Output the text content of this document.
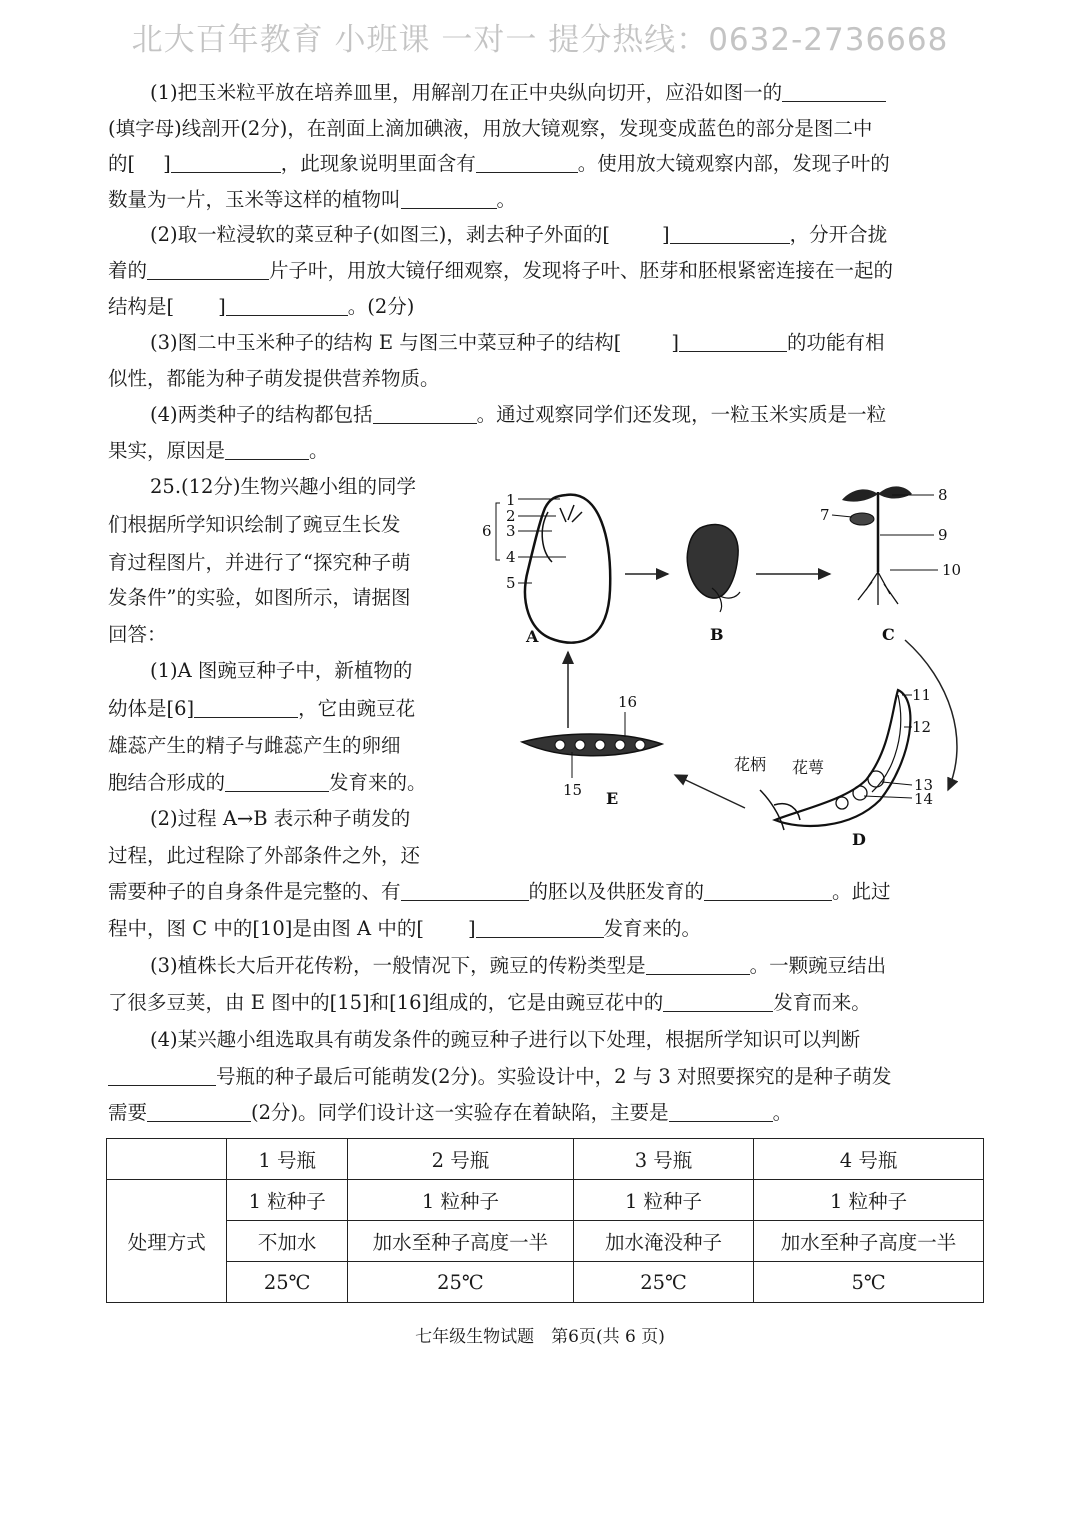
北大百年教育 小班课 一对一 提分热线：0632-2736668
(1)把玉米粒平放在培养皿里，用解剖刀在正中央纵向切开，应沿如图一的
(填字母)线剖开(2分)，在剖面上滴加碘液，用放大镜观察，发现变成蓝色的部分是图二中
的[ ]	，此现象说明里面含有	。使用放大镜观察内部，发现子叶的
数量为一片，玉米等这样的植物叫	。
(2)取一粒浸软的菜豆种子(如图三)，剥去种子外面的[	]	，分开合拢
着的	片子叶，用放大镜仔细观察，发现将子叶、胚芽和胚根紧密连接在一起的
结构是[ ]	。(2分)
(3)图二中玉米种子的结构 E 与图三中菜豆种子的结构[	]	的功能有相
似性，都能为种子萌发提供营养物质。
(4)两类种子的结构都包括	。通过观察同学们还发现，一粒玉米实质是一粒
果实，原因是	。
25.(12分)生物兴趣小组的同学
们根据所学知识绘制了豌豆生长发
育过程图片，并进行了“探究种子萌
发条件”的实验，如图所示，请据图
回答：
(1)A 图豌豆种子中，新植物的
幼体是[6]	，它由豌豆花
雄蕊产生的精子与雌蕊产生的卵细
胞结合形成的	发育来的。
(2)过程 A→B 表示种子萌发的
过程，此过程除了外部条件之外，还
需要种子的自身条件是完整的、有	的胚以及供胚发育的	。此过
程中，图 C 中的[10]是由图 A 中的[ ]	发育来的。
(3)植株长大后开花传粉，一般情况下，豌豆的传粉类型是	。一颗豌豆结出
了很多豆荚，由 E 图中的[15]和[16]组成的，它是由豌豆花中的	发育而来。
(4)某兴趣小组选取具有萌发条件的豌豆种子进行以下处理，根据所学知识可以判断
号瓶的种子最后可能萌发(2分)。实验设计中，2 与 3 对照要探究的是种子萌发
需要	(2分)。同学们设计这一实验存在着缺陷，主要是	。
1
2
3
4
5
6
A	B
8
7
9
10
C
11
12
13
14
花柄 花萼
D
16
15 E
	1 号瓶	2 号瓶	3 号瓶	4 号瓶
处理方式	1 粒种子	1 粒种子	1 粒种子	1 粒种子
	不加水	加水至种子高度一半	加水淹没种子	加水至种子高度一半
	25℃	25℃	25℃	5℃
七年级生物试题　第6页(共 6 页)
